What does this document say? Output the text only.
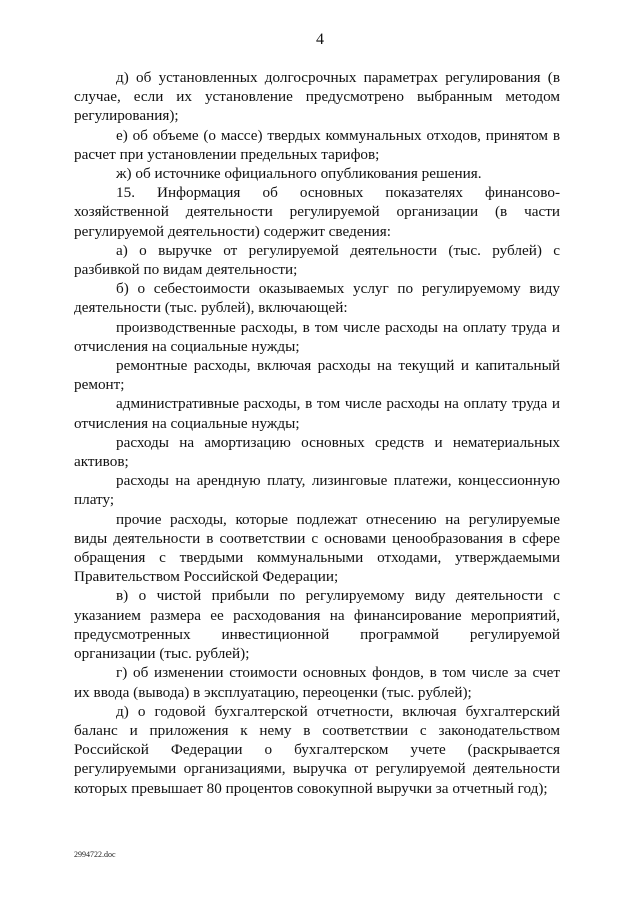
4

д) об установленных долгосрочных параметрах регулирования (в случае, если их установление предусмотрено выбранным методом регулирования);

е) об объеме (о массе) твердых коммунальных отходов, принятом в расчет при установлении предельных тарифов;

ж) об источнике официального опубликования решения.

15. Информация об основных показателях финансово-хозяйственной деятельности регулируемой организации (в части регулируемой деятельности) содержит сведения:

а) о выручке от регулируемой деятельности (тыс. рублей) с разбивкой по видам деятельности;

б) о себестоимости оказываемых услуг по регулируемому виду деятельности (тыс. рублей), включающей:

производственные расходы, в том числе расходы на оплату труда и отчисления на социальные нужды;

ремонтные расходы, включая расходы на текущий и капитальный ремонт;

административные расходы, в том числе расходы на оплату труда и отчисления на социальные нужды;

расходы на амортизацию основных средств и нематериальных активов;

расходы на арендную плату, лизинговые платежи, концессионную плату;

прочие расходы, которые подлежат отнесению на регулируемые виды деятельности в соответствии с основами ценообразования в сфере обращения с твердыми коммунальными отходами, утверждаемыми Правительством Российской Федерации;

в) о чистой прибыли по регулируемому виду деятельности с указанием размера ее расходования на финансирование мероприятий, предусмотренных инвестиционной программой регулируемой организации (тыс. рублей);

г) об изменении стоимости основных фондов, в том числе за счет их ввода (вывода) в эксплуатацию, переоценки (тыс. рублей);

д) о годовой бухгалтерской отчетности, включая бухгалтерский баланс и приложения к нему в соответствии с законодательством Российской Федерации о бухгалтерском учете (раскрывается регулируемыми организациями, выручка от регулируемой деятельности которых превышает 80 процентов совокупной выручки за отчетный год);

2994722.doc
